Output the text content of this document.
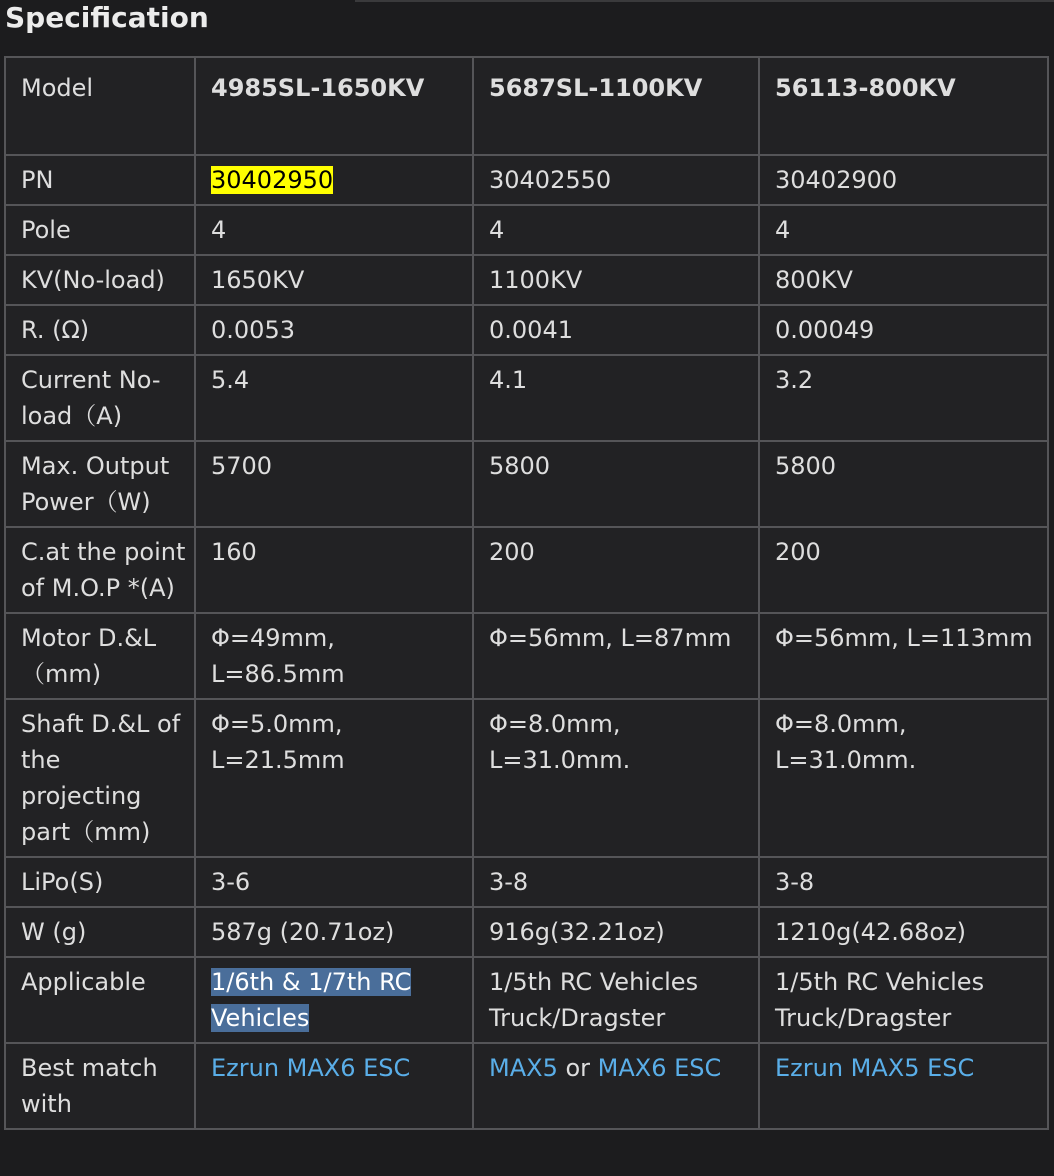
Specification
Model	4985SL-1650KV	5687SL-1100KV	56113-800KV
PN	30402950	30402550	30402900
Pole	4	4	4
KV(No-load)	1650KV	1100KV	800KV
R. (Ω)	0.0053	0.0041	0.00049
Current No-load（A)	5.4	4.1	3.2
Max. Output Power（W)	5700	5800	5800
C.at the point of M.O.P *(A)	160	200	200
Motor D.&L（mm)	Φ=49mm, L=86.5mm	Φ=56mm, L=87mm	Φ=56mm, L=113mm
Shaft D.&L of the projecting part（mm)	Φ=5.0mm, L=21.5mm	Φ=8.0mm, L=31.0mm.	Φ=8.0mm, L=31.0mm.
LiPo(S)	3-6	3-8	3-8
W (g)	587g (20.71oz)	916g(32.21oz)	1210g(42.68oz)
Applicable	1/6th & 1/7th RC Vehicles	1/5th RC Vehicles Truck/Dragster	1/5th RC Vehicles Truck/Dragster
Best match with	Ezrun MAX6 ESC	MAX5 or MAX6 ESC	Ezrun MAX5 ESC
